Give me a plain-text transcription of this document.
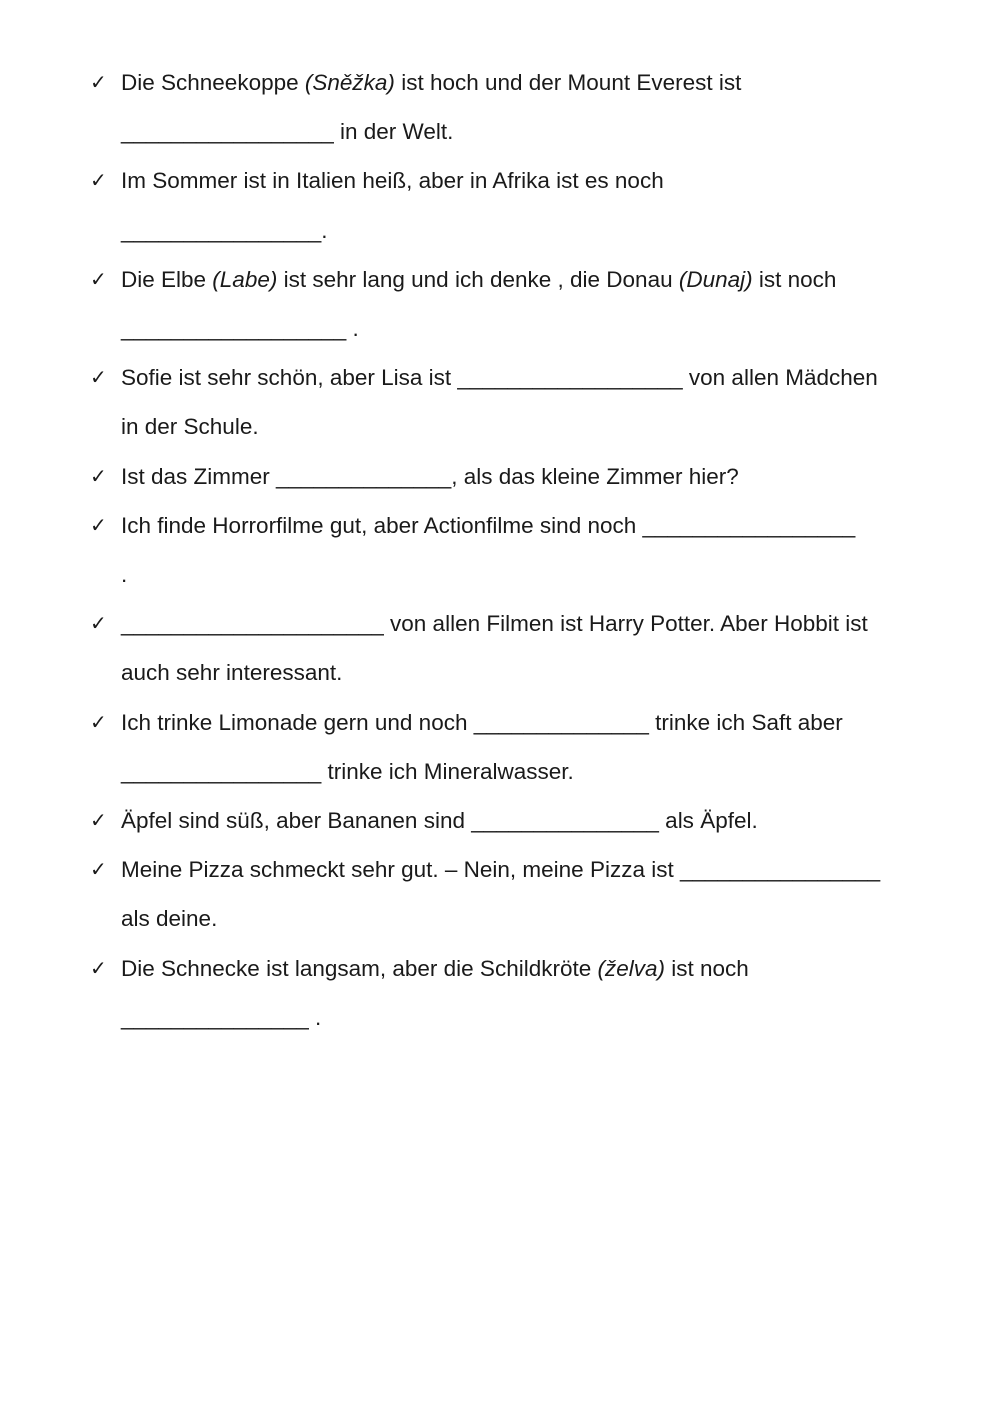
✓ Die Schneekoppe (Sněžka) ist hoch und der Mount Everest ist
_________________ in der Welt.
✓ Im Sommer ist in Italien heiß, aber in Afrika ist es noch
________________.
✓ Die Elbe (Labe) ist sehr lang und ich denke , die Donau (Dunaj) ist noch
__________________ .
✓ Sofie ist sehr schön, aber Lisa ist __________________ von allen Mädchen
in der Schule.
✓ Ist das Zimmer ______________, als das kleine Zimmer hier?
✓ Ich finde Horrorfilme gut, aber Actionfilme sind noch _________________
.
✓ _____________________ von allen Filmen ist Harry Potter. Aber Hobbit ist
auch sehr interessant.
✓ Ich trinke Limonade gern und noch ______________ trinke ich Saft aber
________________ trinke ich Mineralwasser.
✓ Äpfel sind süß, aber Bananen sind _______________ als Äpfel.
✓ Meine Pizza schmeckt sehr gut. – Nein, meine Pizza ist ________________
als deine.
✓ Die Schnecke ist langsam, aber die Schildkröte (želva) ist noch
_______________ .
